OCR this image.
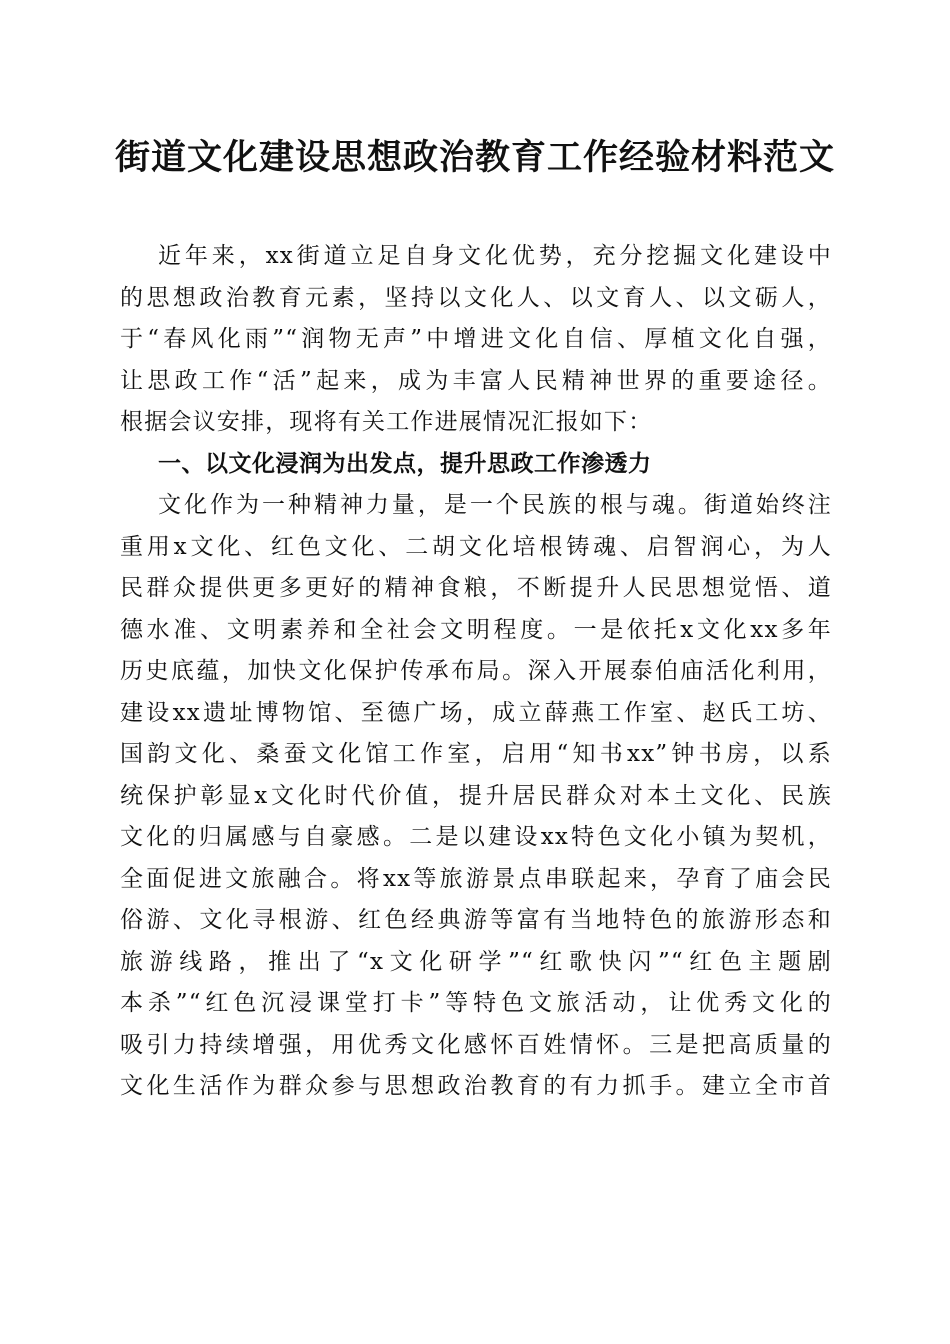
街道文化建设思想政治教育工作经验材料范文
近年来，xx街道立足自身文化优势，充分挖掘文化建设中
的思想政治教育元素，坚持以文化人、以文育人、以文砺人，
于“春风化雨”“润物无声”中增进文化自信、厚植文化自强，
让思政工作“活”起来，成为丰富人民精神世界的重要途径。
根据会议安排，现将有关工作进展情况汇报如下：
一、以文化浸润为出发点，提升思政工作渗透力
文化作为一种精神力量，是一个民族的根与魂。街道始终注
重用x文化、红色文化、二胡文化培根铸魂、启智润心，为人
民群众提供更多更好的精神食粮，不断提升人民思想觉悟、道
德水准、文明素养和全社会文明程度。一是依托x文化xx多年
历史底蕴，加快文化保护传承布局。深入开展泰伯庙活化利用，
建设xx遗址博物馆、至德广场，成立薛燕工作室、赵氏工坊、
国韵文化、桑蚕文化馆工作室，启用“知书xx”钟书房，以系
统保护彰显x文化时代价值，提升居民群众对本土文化、民族
文化的归属感与自豪感。二是以建设xx特色文化小镇为契机，
全面促进文旅融合。将xx等旅游景点串联起来，孕育了庙会民
俗游、文化寻根游、红色经典游等富有当地特色的旅游形态和
旅游线路，推出了“x文化研学”“红歌快闪”“红色主题剧
本杀”“红色沉浸课堂打卡”等特色文旅活动，让优秀文化的
吸引力持续增强，用优秀文化感怀百姓情怀。三是把高质量的
文化生活作为群众参与思想政治教育的有力抓手。建立全市首
